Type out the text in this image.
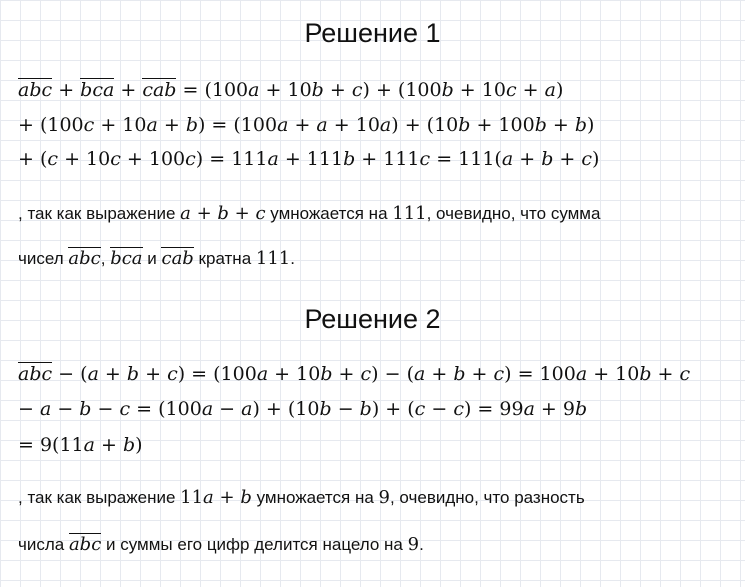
Решение 1
abc + bca + cab = (100a + 10b + c) + (100b + 10c + a)
+ (100c + 10a + b) = (100a + a + 10a) + (10b + 100b + b)
+ (c + 10c + 100c) = 111a + 111b + 111c = 111(a + b + c)
, так как выражение a + b + c умножается на 111, очевидно, что сумма
чисел abc, bca и cab кратна 111.
Решение 2
abc − (a + b + c) = (100a + 10b + c) − (a + b + c) = 100a + 10b + c
− a − b − c = (100a − a) + (10b − b) + (c − c) = 99a + 9b
= 9(11a + b)
, так как выражение 11a + b умножается на 9, очевидно, что разность
числа abc и суммы его цифр делится нацело на 9.
